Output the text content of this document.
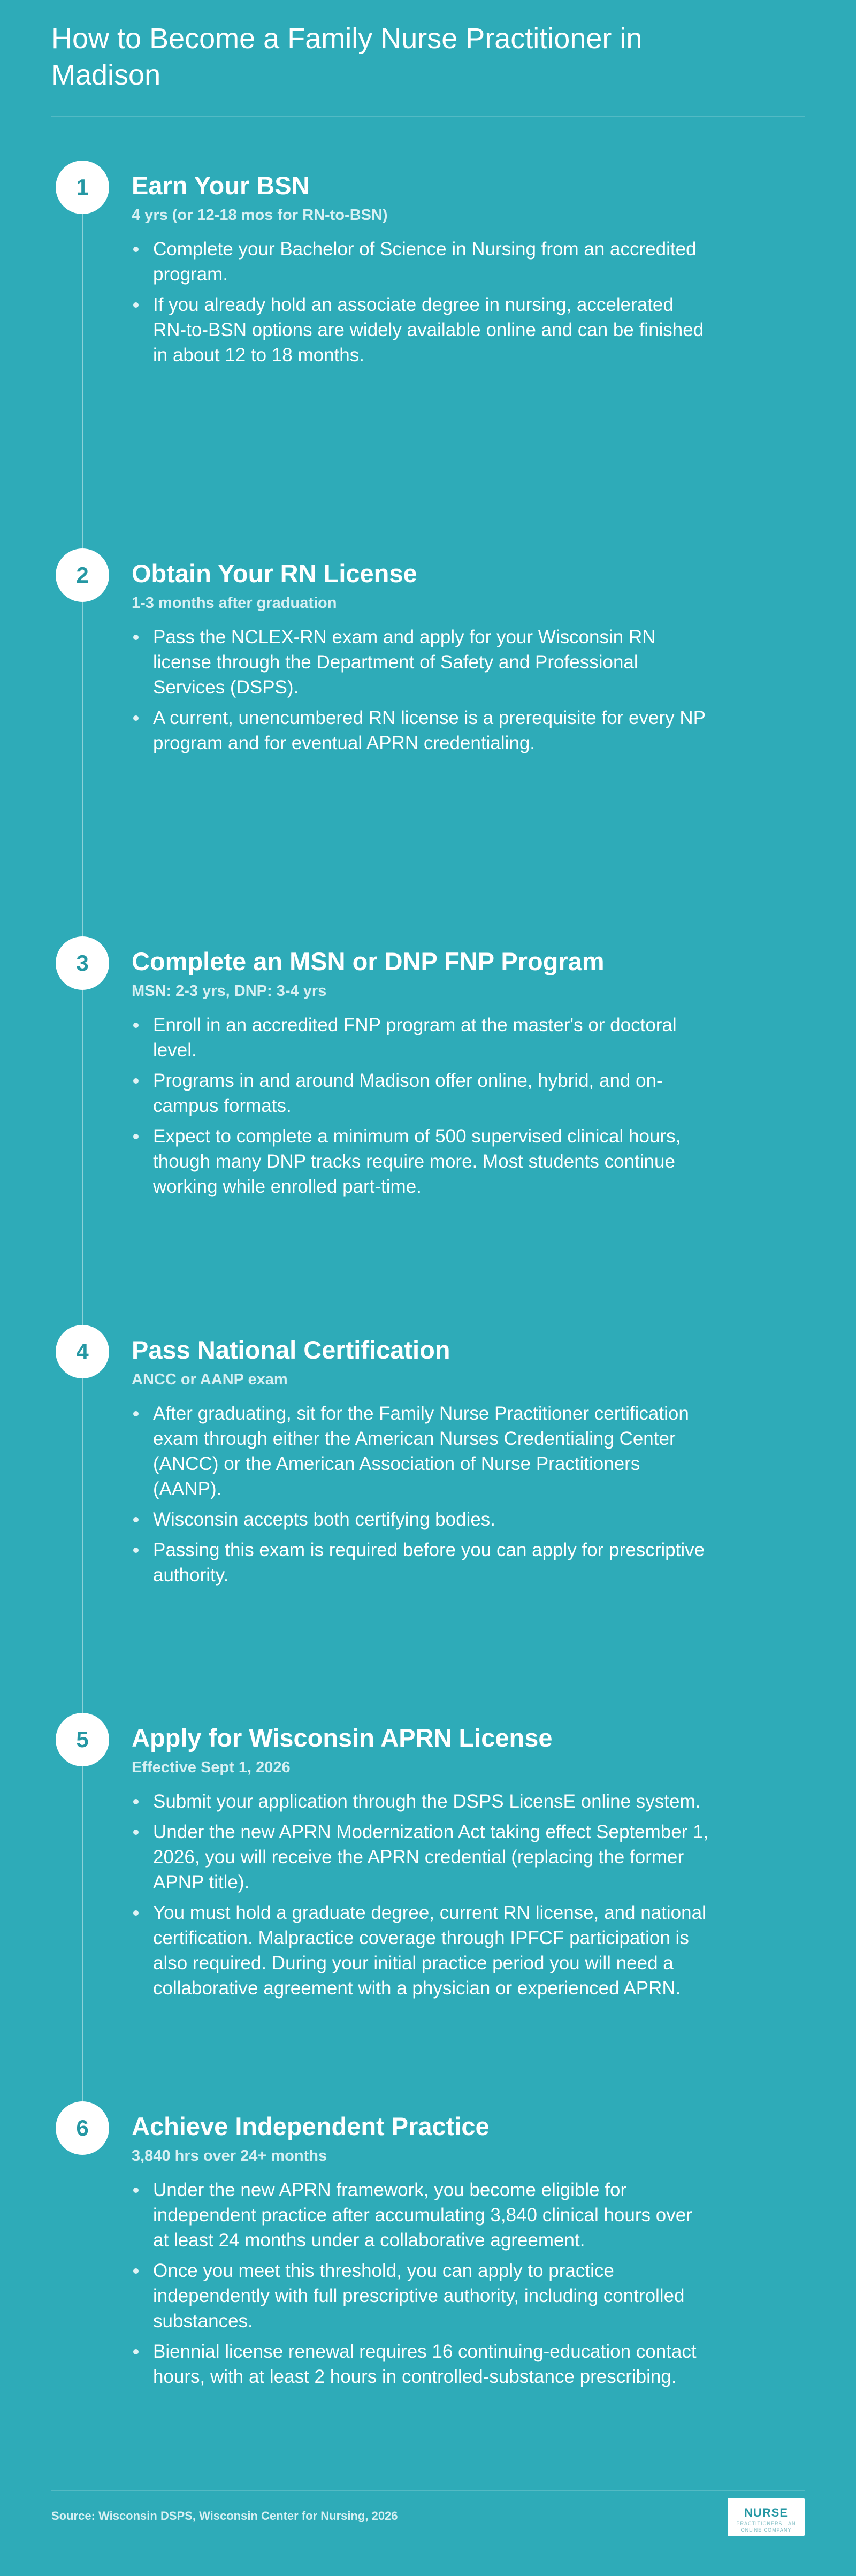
How to Become a Family Nurse Practitioner in Madison
1	Earn Your BSN

4 yrs (or 12-18 mos for RN-to-BSN)

Complete your Bachelor of Science in Nursing from an accredited program.
If you already hold an associate degree in nursing, accelerated RN-to-BSN options are widely available online and can be finished in about 12 to 18 months.
2	Obtain Your RN License

1-3 months after graduation

Pass the NCLEX-RN exam and apply for your Wisconsin RN license through the Department of Safety and Professional Services (DSPS).
A current, unencumbered RN license is a prerequisite for every NP program and for eventual APRN credentialing.
3	Complete an MSN or DNP FNP Program

MSN: 2-3 yrs, DNP: 3-4 yrs

Enroll in an accredited FNP program at the master's or doctoral level.
Programs in and around Madison offer online, hybrid, and on-campus formats.
Expect to complete a minimum of 500 supervised clinical hours, though many DNP tracks require more. Most students continue working while enrolled part-time.
4	Pass National Certification

ANCC or AANP exam

After graduating, sit for the Family Nurse Practitioner certification exam through either the American Nurses Credentialing Center (ANCC) or the American Association of Nurse Practitioners (AANP).
Wisconsin accepts both certifying bodies.
Passing this exam is required before you can apply for prescriptive authority.
5	Apply for Wisconsin APRN License

Effective Sept 1, 2026

Submit your application through the DSPS LicensE online system.
Under the new APRN Modernization Act taking effect September 1, 2026, you will receive the APRN credential (replacing the former APNP title).
You must hold a graduate degree, current RN license, and national certification. Malpractice coverage through IPFCF participation is also required. During your initial practice period you will need a collaborative agreement with a physician or experienced APRN.
6	Achieve Independent Practice

3,840 hrs over 24+ months

Under the new APRN framework, you become eligible for independent practice after accumulating 3,840 clinical hours over at least 24 months under a collaborative agreement.
Once you meet this threshold, you can apply to practice independently with full prescriptive authority, including controlled substances.
Biennial license renewal requires 16 continuing-education contact hours, with at least 2 hours in controlled-substance prescribing.
Source: Wisconsin DSPS, Wisconsin Center for Nursing, 2026	NURSE
PRACTITIONERS · AN ONLINE COMPANY
